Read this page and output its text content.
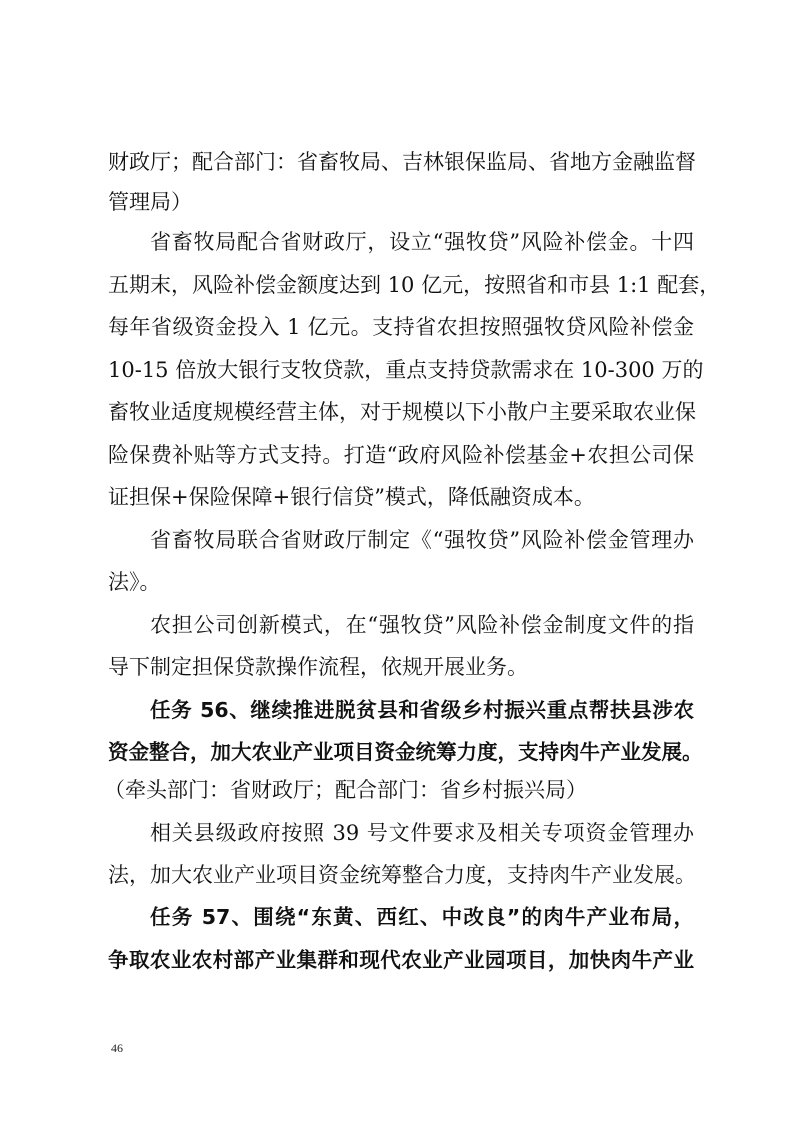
财政厅；配合部门：省畜牧局、吉林银保监局、省地方金融监督
管理局）
省畜牧局配合省财政厅，设立“强牧贷”风险补偿金。十四
五期末，风险补偿金额度达到 10 亿元，按照省和市县 1:1 配套，
每年省级资金投入 1 亿元。支持省农担按照强牧贷风险补偿金
10-15 倍放大银行支牧贷款，重点支持贷款需求在 10-300 万的
畜牧业适度规模经营主体，对于规模以下小散户主要采取农业保
险保费补贴等方式支持。打造“政府风险补偿基金+农担公司保
证担保+保险保障+银行信贷”模式，降低融资成本。
省畜牧局联合省财政厅制定《“强牧贷”风险补偿金管理办
法》。
农担公司创新模式，在“强牧贷”风险补偿金制度文件的指
导下制定担保贷款操作流程，依规开展业务。
任务 56、继续推进脱贫县和省级乡村振兴重点帮扶县涉农
资金整合，加大农业产业项目资金统筹力度，支持肉牛产业发展。
（牵头部门：省财政厅；配合部门：省乡村振兴局）
相关县级政府按照 39 号文件要求及相关专项资金管理办
法，加大农业产业项目资金统筹整合力度，支持肉牛产业发展。
任务 57、围绕“东黄、西红、中改良”的肉牛产业布局，
争取农业农村部产业集群和现代农业产业园项目，加快肉牛产业
46
